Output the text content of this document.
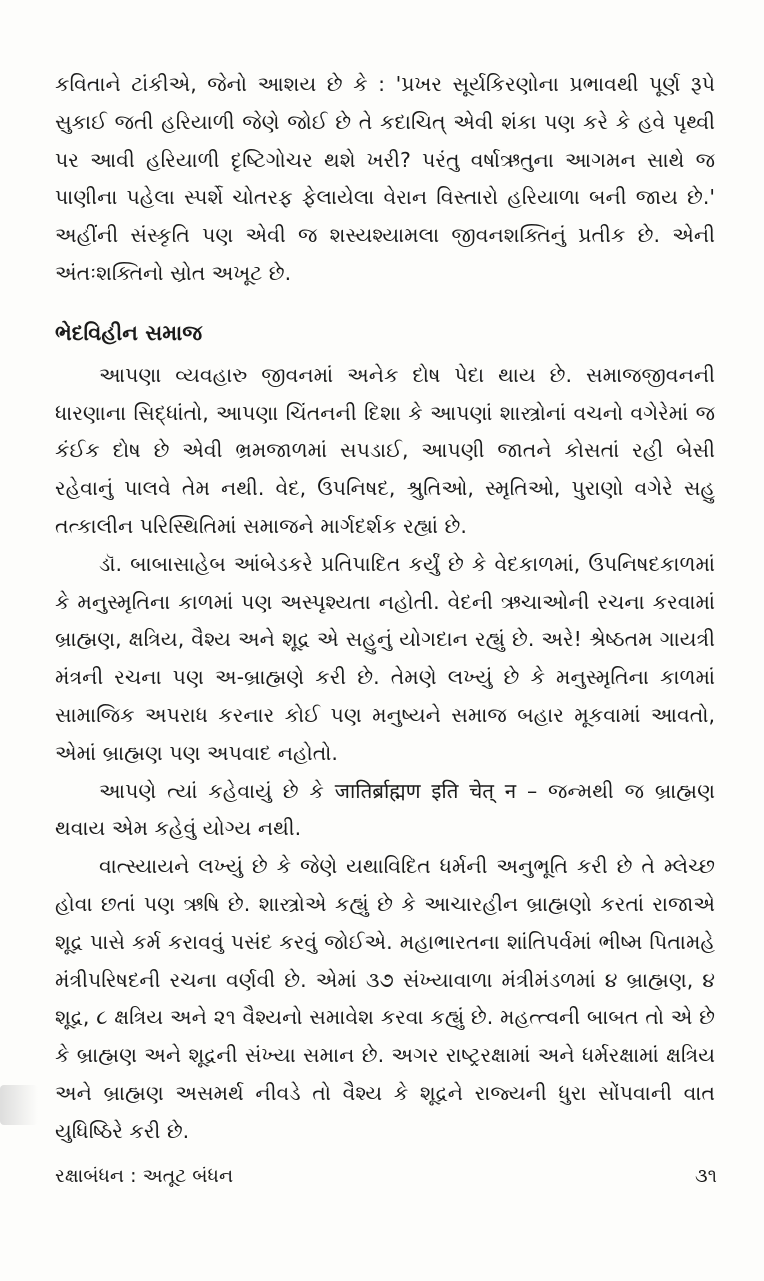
કવિતાને ટાંકીએ, જેનો આશય છે કે : 'પ્રખર સૂર્યકિરણોના પ્રભાવથી પૂર્ણ રૂપે સુકાઈ જતી હરિયાળી જેણે જોઈ છે તે કદાચિત્ એવી શંકા પણ કરે કે હવે પૃથ્વી પર આવી હરિયાળી દૃષ્ટિગોચર થશે ખરી? પરંતુ વર્ષાઋતુના આગમન સાથે જ પાણીના પહેલા સ્પર્શે ચોતરફ ફેલાયેલા વેરાન વિસ્તારો હરિયાળા બની જાય છે.' અહીંની સંસ્કૃતિ પણ એવી જ શસ્યશ્યામલા જીવનશક્તિનું પ્રતીક છે. એની અંતઃશક્તિનો સ્રોત અખૂટ છે.

ભેદવિહીન સમાજ

આપણા વ્યવહારુ જીવનમાં અનેક દોષ પેદા થાય છે. સમાજજીવનની ધારણાના સિદ્ધાંતો, આપણા ચિંતનની દિશા કે આપણાં શાસ્ત્રોનાં વચનો વગેરેમાં જ કંઈક દોષ છે એવી ભ્રમજાળમાં સપડાઈ, આપણી જાતને કોસતાં રહી બેસી રહેવાનું પાલવે તેમ નથી. વેદ, ઉપનિષદ, શ્રુતિઓ, સ્મૃતિઓ, પુરાણો વગેરે સહુ તત્કાલીન પરિસ્થિતિમાં સમાજને માર્ગદર્શક રહ્યાં છે.

ડૉ. બાબાસાહેબ આંબેડકરે પ્રતિપાદિત કર્યું છે કે વેદકાળમાં, ઉપનિષદકાળમાં કે મનુસ્મૃતિના કાળમાં પણ અસ્પૃશ્યતા નહોતી. વેદની ઋચાઓની રચના કરવામાં બ્રાહ્મણ, ક્ષત્રિય, વૈશ્ય અને શૂદ્ર એ સહુનું યોગદાન રહ્યું છે. અરે! શ્રેષ્ઠતમ ગાયત્રી મંત્રની રચના પણ અ-બ્રાહ્મણે કરી છે. તેમણે લખ્યું છે કે મનુસ્મૃતિના કાળમાં સામાજિક અપરાધ કરનાર કોઈ પણ મનુષ્યને સમાજ બહાર મૂકવામાં આવતો, એમાં બ્રાહ્મણ પણ અપવાદ નહોતો.

આપણે ત્યાં કહેવાયું છે કે जातिर्ब्राह्मण इति चेत् न – જન્મથી જ બ્રાહ્મણ થવાય એમ કહેવું યોગ્ય નથી.

વાત્સ્યાયને લખ્યું છે કે જેણે યથાવિદિત ધર્મની અનુભૂતિ કરી છે તે મ્લેચ્છ હોવા છતાં પણ ઋષિ છે. શાસ્ત્રોએ કહ્યું છે કે આચારહીન બ્રાહ્મણો કરતાં રાજાએ શૂદ્ર પાસે કર્મ કરાવવું પસંદ કરવું જોઈએ. મહાભારતના શાંતિપર્વમાં ભીષ્મ પિતામહે મંત્રીપરિષદની રચના વર્ણવી છે. એમાં ૩૭ સંખ્યાવાળા મંત્રીમંડળમાં ૪ બ્રાહ્મણ, ૪ શૂદ્ર, ૮ ક્ષત્રિય અને ૨૧ વૈશ્યનો સમાવેશ કરવા કહ્યું છે. મહત્ત્વની બાબત તો એ છે કે બ્રાહ્મણ અને શૂદ્રની સંખ્યા સમાન છે. અગર રાષ્ટ્રરક્ષામાં અને ધર્મરક્ષામાં ક્ષત્રિય અને બ્રાહ્મણ અસમર્થ નીવડે તો વૈશ્ય કે શૂદ્રને રાજ્યની ધુરા સોંપવાની વાત યુધિષ્ઠિરે કરી છે.

રક્ષાબંધન : અતૂટ બંધન	૩૧
